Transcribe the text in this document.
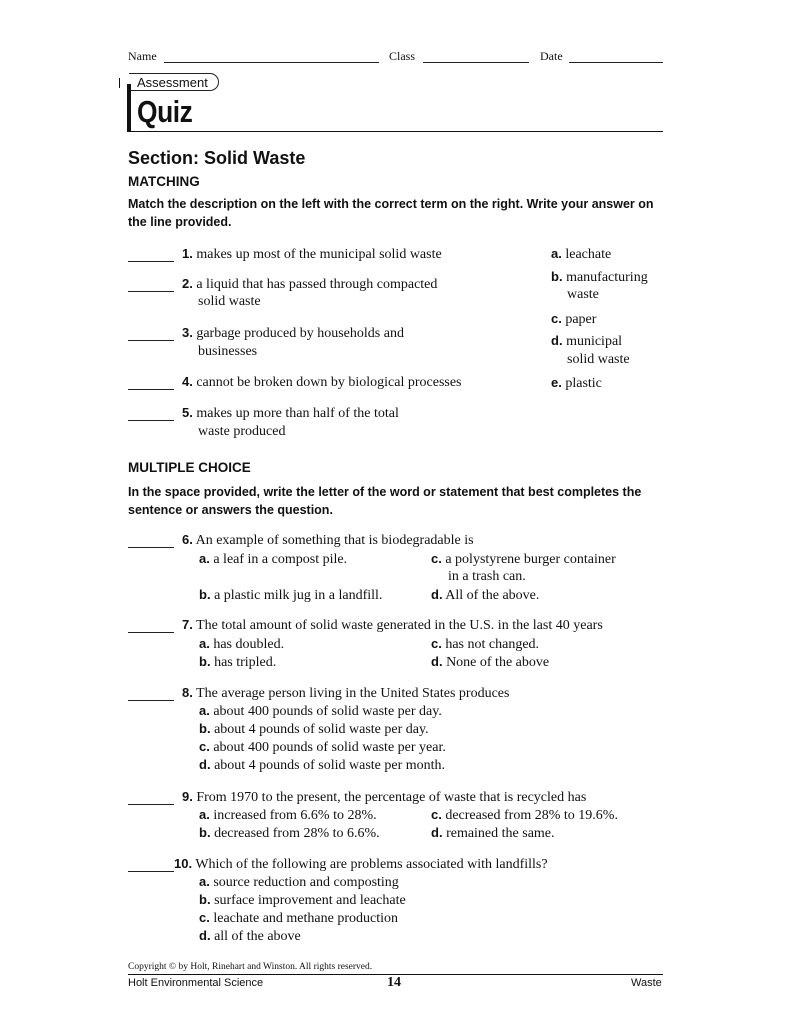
Name	Class	Date
Assessment
Quiz
Section: Solid Waste
MATCHING
Match the description on the left with the correct term on the right. Write your answer on the line provided.
1. makes up most of the municipal solid waste
2. a liquid that has passed through compacted
solid waste
3. garbage produced by households and
businesses
4. cannot be broken down by biological processes
5. makes up more than half of the total
waste produced
a. leachate
b. manufacturing
waste
c. paper
d. municipal
solid waste
e. plastic
MULTIPLE CHOICE
In the space provided, write the letter of the word or statement that best completes the sentence or answers the question.
6. An example of something that is biodegradable is
a. a leaf in a compost pile.	c. a polystyrene burger container
in a trash can.
b. a plastic milk jug in a landfill.	d. All of the above.
7. The total amount of solid waste generated in the U.S. in the last 40 years
a. has doubled.	c. has not changed.
b. has tripled.	d. None of the above
8. The average person living in the United States produces
a. about 400 pounds of solid waste per day.
b. about 4 pounds of solid waste per day.
c. about 400 pounds of solid waste per year.
d. about 4 pounds of solid waste per month.
9. From 1970 to the present, the percentage of waste that is recycled has
a. increased from 6.6% to 28%.	c. decreased from 28% to 19.6%.
b. decreased from 28% to 6.6%.	d. remained the same.
10. Which of the following are problems associated with landfills?
a. source reduction and composting
b. surface improvement and leachate
c. leachate and methane production
d. all of the above
Copyright © by Holt, Rinehart and Winston. All rights reserved.
Holt Environmental Science	14	Waste
